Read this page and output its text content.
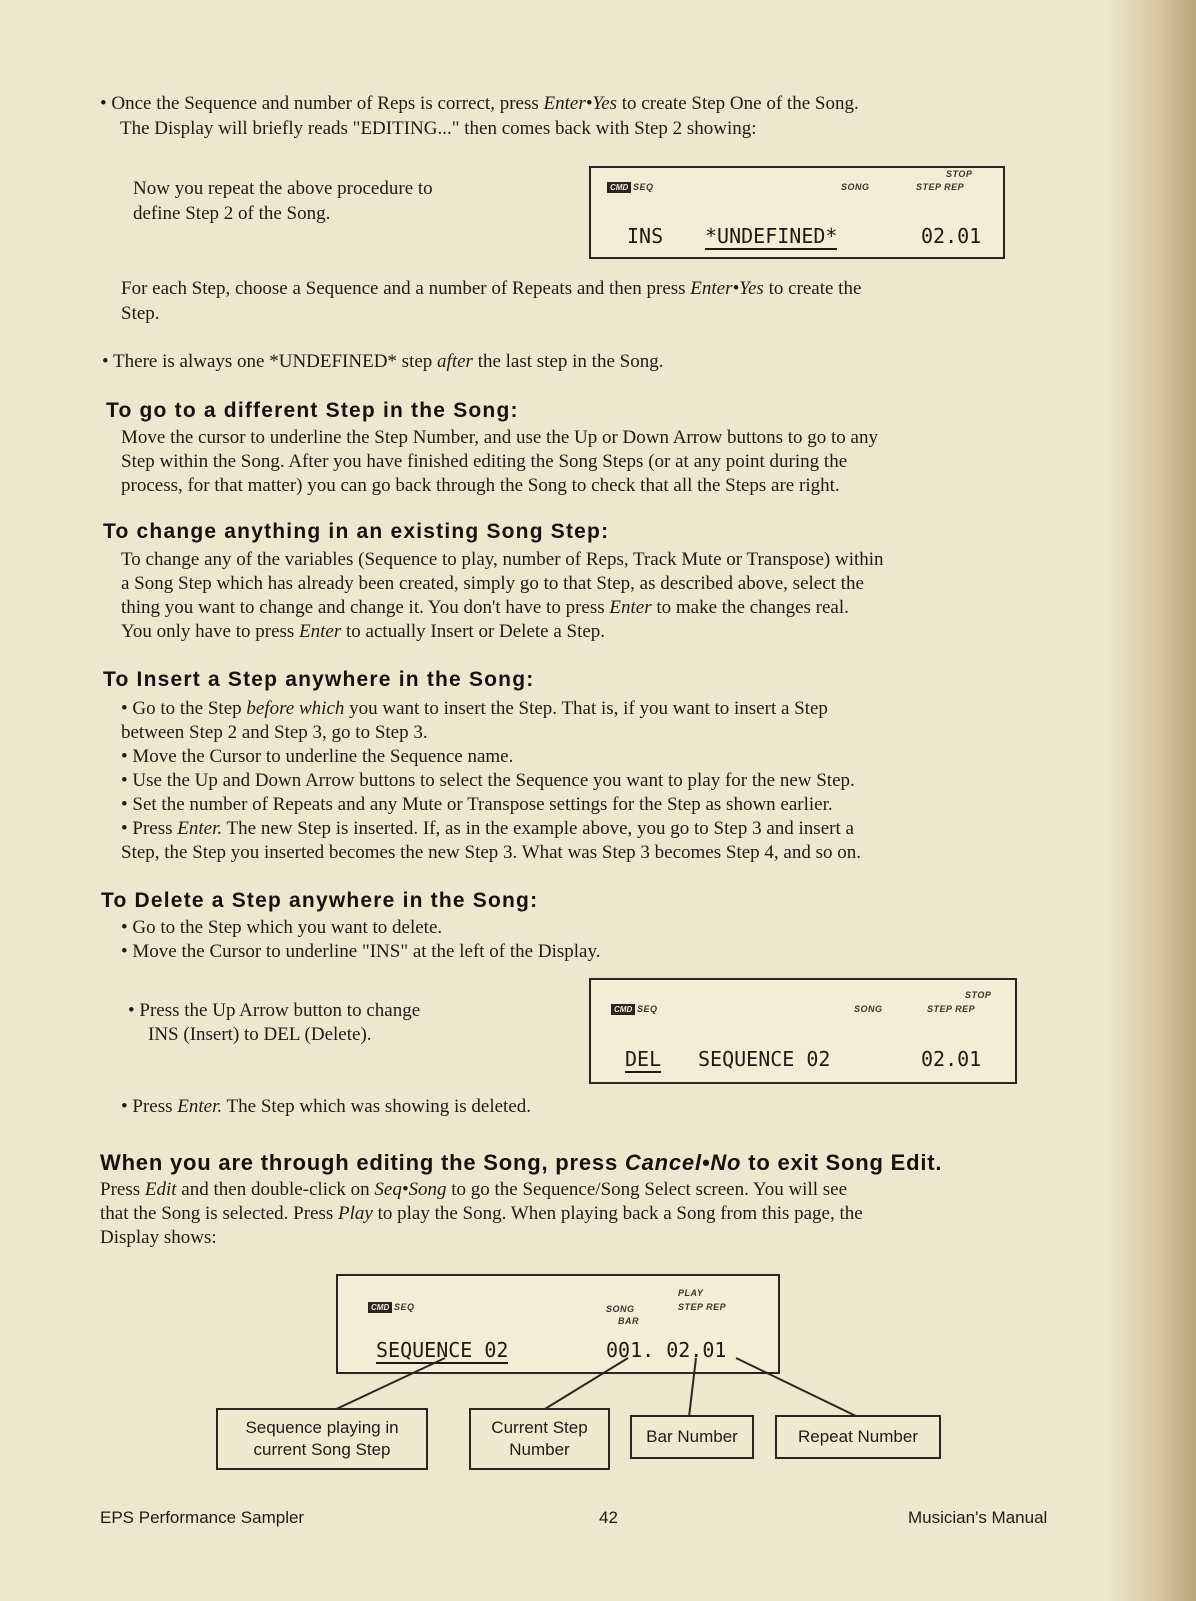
• Once the Sequence and number of Reps is correct, press Enter•Yes to create Step One of the Song.
The Display will briefly reads "EDITING..." then comes back with Step 2 showing:
Now you repeat the above procedure to
define Step 2 of the Song.
CMD SEQ	SONG
STOP
STEP REP
INS *UNDEFINED*	02.01
For each Step, choose a Sequence and a number of Repeats and then press Enter•Yes to create the
Step.
• There is always one *UNDEFINED* step after the last step in the Song.
To go to a different Step in the Song:
Move the cursor to underline the Step Number, and use the Up or Down Arrow buttons to go to any
Step within the Song. After you have finished editing the Song Steps (or at any point during the
process, for that matter) you can go back through the Song to check that all the Steps are right.
To change anything in an existing Song Step:
To change any of the variables (Sequence to play, number of Reps, Track Mute or Transpose) within
a Song Step which has already been created, simply go to that Step, as described above, select the
thing you want to change and change it. You don't have to press Enter to make the changes real.
You only have to press Enter to actually Insert or Delete a Step.
To Insert a Step anywhere in the Song:
• Go to the Step before which you want to insert the Step. That is, if you want to insert a Step
between Step 2 and Step 3, go to Step 3.
• Move the Cursor to underline the Sequence name.
• Use the Up and Down Arrow buttons to select the Sequence you want to play for the new Step.
• Set the number of Repeats and any Mute or Transpose settings for the Step as shown earlier.
• Press Enter. The new Step is inserted. If, as in the example above, you go to Step 3 and insert a
Step, the Step you inserted becomes the new Step 3. What was Step 3 becomes Step 4, and so on.
To Delete a Step anywhere in the Song:
• Go to the Step which you want to delete.
• Move the Cursor to underline "INS" at the left of the Display.
• Press the Up Arrow button to change
INS (Insert) to DEL (Delete).
CMD SEQ	SONG
STOP
STEP REP
DEL SEQUENCE 02	02.01
• Press Enter. The Step which was showing is deleted.
When you are through editing the Song, press Cancel•No to exit Song Edit.
Press Edit and then double-click on Seq•Song to go the Sequence/Song Select screen. You will see
that the Song is selected. Press Play to play the Song. When playing back a Song from this page, the
Display shows:
CMD SEQ	SONG
BAR
PLAY
STEP REP
SEQUENCE 02	001. 02.01
Sequence playing in
current Song Step
Current Step
Number
Bar Number	Repeat Number
EPS Performance Sampler	42	Musician's Manual
